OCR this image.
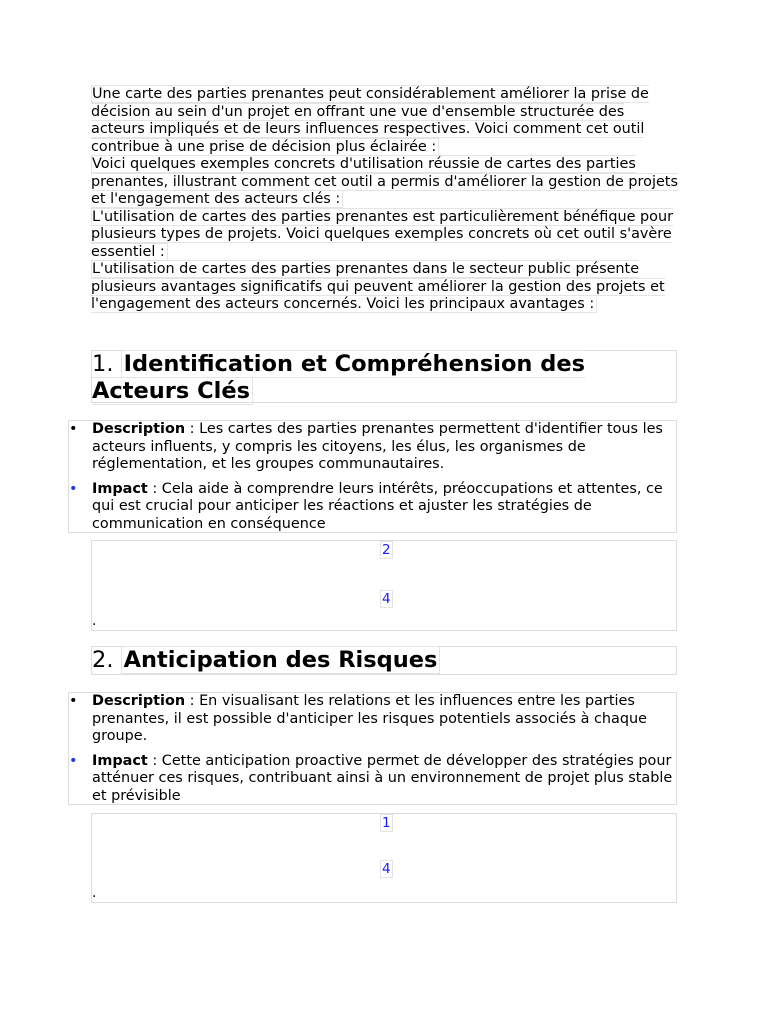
Une carte des parties prenantes peut considérablement améliorer la prise de décision au sein d'un projet en offrant une vue d'ensemble structurée des acteurs impliqués et de leurs influences respectives. Voici comment cet outil contribue à une prise de décision plus éclairée :
Voici quelques exemples concrets d'utilisation réussie de cartes des parties prenantes, illustrant comment cet outil a permis d'améliorer la gestion de projets et l'engagement des acteurs clés :
L'utilisation de cartes des parties prenantes est particulièrement bénéfique pour plusieurs types de projets. Voici quelques exemples concrets où cet outil s'avère essentiel :
L'utilisation de cartes des parties prenantes dans le secteur public présente plusieurs avantages significatifs qui peuvent améliorer la gestion des projets et l'engagement des acteurs concernés. Voici les principaux avantages :
1. Identification et Compréhension des Acteurs Clés
• Description : Les cartes des parties prenantes permettent d'identifier tous les acteurs influents, y compris les citoyens, les élus, les organismes de réglementation, et les groupes communautaires.
• Impact : Cela aide à comprendre leurs intérêts, préoccupations et attentes, ce qui est crucial pour anticiper les réactions et ajuster les stratégies de communication en conséquence
2
4
.
2. Anticipation des Risques
• Description : En visualisant les relations et les influences entre les parties prenantes, il est possible d'anticiper les risques potentiels associés à chaque groupe.
• Impact : Cette anticipation proactive permet de développer des stratégies pour atténuer ces risques, contribuant ainsi à un environnement de projet plus stable et prévisible
1
4
.
